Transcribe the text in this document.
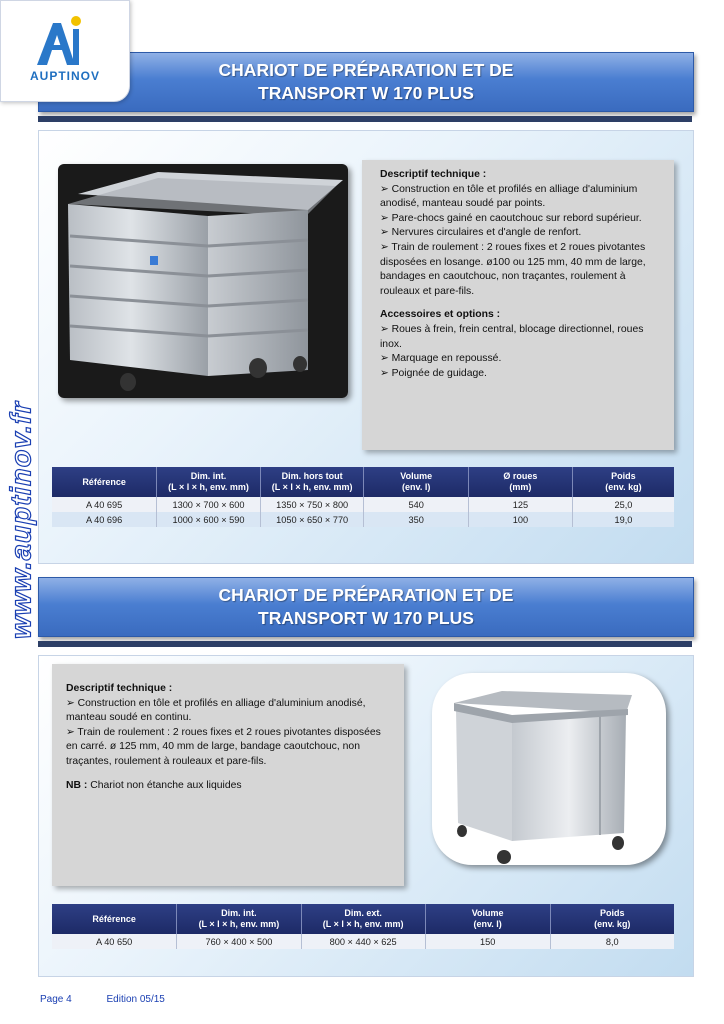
AUPTINOV
www.auptinov.fr
CHARIOT DE PRÉPARATION ET DE
TRANSPORT W 170 PLUS

Descriptif technique :

➢ Construction en tôle et profilés en alliage d'aluminium anodisé, manteau soudé par points.

➢ Pare-chocs gainé en caoutchouc sur rebord supérieur.

➢ Nervures circulaires et d'angle de renfort.

➢ Train de roulement : 2 roues fixes et 2 roues pivotantes disposées en losange. ø100 ou 125 mm, 40 mm de large, bandages en caoutchouc, non traçantes, roulement à rouleaux et pare-fils.

Accessoires et options :

➢ Roues à frein, frein central, blocage directionnel, roues inox.

➢ Marquage en repoussé.

➢ Poignée de guidage.

Référence	Dim. int.
(L × l × h, env. mm)	Dim. hors tout
(L × l × h, env. mm)	Volume
(env. l)	Ø roues
(mm)	Poids
(env. kg)
A 40 695	1300 × 700 × 600	1350 × 750 × 800	540	125	25,0
A 40 696	1000 × 600 × 590	1050 × 650 × 770	350	100	19,0
CHARIOT DE PRÉPARATION ET DE
TRANSPORT W 170 PLUS

Descriptif technique :

➢ Construction en tôle et profilés en alliage d'aluminium anodisé, manteau soudé en continu.

➢ Train de roulement : 2 roues fixes et 2 roues pivotantes disposées en carré. ø 125 mm, 40 mm de large, bandage caoutchouc, non traçantes, roulement à rouleaux et pare-fils.

NB : Chariot non étanche aux liquides

Référence	Dim. int.
(L × l × h, env. mm)	Dim. ext.
(L × l × h, env. mm)	Volume
(env. l)	Poids
(env. kg)
A 40 650	760 × 400 × 500	800 × 440 × 625	150	8,0
Page 4	Edition 05/15
